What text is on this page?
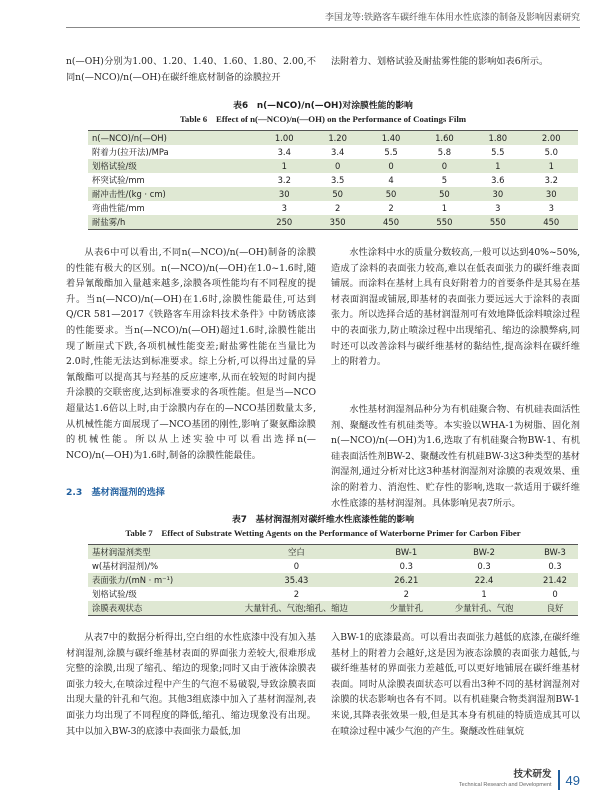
李国龙等:铁路客车碳纤维车体用水性底漆的制备及影响因素研究

n(—OH)分别为1.00、1.20、1.40、1.60、1.80、2.00,不同n(—NCO)/n(—OH)在碳纤维底材制备的涂膜拉开

法附着力、划格试验及耐盐雾性能的影响如表6所示。

表6　n(—NCO)/n(—OH)对涂膜性能的影响
Table 6　Effect of n(—NCO)/n(—OH) on the Performance of Coatings Film
n(—NCO)/n(—OH)	1.00	1.20	1.40	1.60	1.80	2.00
附着力(拉开法)/MPa	3.4	3.4	5.5	5.8	5.5	5.0
划格试验/级	1	0	0	0	1	1
杯突试验/mm	3.2	3.5	4	5	3.6	3.2
耐冲击性/(kg · cm)	30	50	50	50	30	30
弯曲性能/mm	3	2	2	1	3	3
耐盐雾/h	250	350	450	550	550	450

从表6中可以看出,不同n(—NCO)/n(—OH)制备的涂膜的性能有极大的区别。n(—NCO)/n(—OH)在1.0~1.6时,随着异氰酸酯加入量越来越多,涂膜各项性能均有不同程度的提升。当n(—NCO)/n(—OH)在1.6时,涂膜性能最佳,可达到Q/CR 581—2017《铁路客车用涂料技术条件》中防锈底漆的性能要求。当n(—NCO)/n(—OH)超过1.6时,涂膜性能出现了断崖式下跌,各项机械性能变差;耐盐雾性能在当量比为2.0时,性能无法达到标准要求。综上分析,可以得出过量的异氰酸酯可以提高其与羟基的反应速率,从而在较短的时间内提升涂膜的交联密度,达到标准要求的各项性能。但是当—NCO超量达1.6倍以上时,由于涂膜内存在的—NCO基团数量太多,从机械性能方面展现了—NCO基团的刚性,影响了聚氨酯涂膜的机械性能。所以从上述实验中可以看出选择n(—NCO)/n(—OH)为1.6时,制备的涂膜性能最佳。

水性涂料中水的质量分数较高,一般可以达到40%~50%,造成了涂料的表面张力较高,难以在低表面张力的碳纤维表面铺展。而涂料在基材上具有良好附着力的首要条件是其易在基材表面润湿或铺展,即基材的表面张力要远远大于涂料的表面张力。所以选择合适的基材润湿剂可有效地降低涂料喷涂过程中的表面张力,防止喷涂过程中出现缩孔、缩边的涂膜弊病,同时还可以改善涂料与碳纤维基材的黏结性,提高涂料在碳纤维上的附着力。

水性基材润湿剂品种分为有机硅聚合物、有机硅表面活性剂、聚醚改性有机硅类等。本实验以WHA-1为树脂、固化剂n(—NCO)/n(—OH)为1.6,选取了有机硅聚合物BW-1、有机硅表面活性剂BW-2、聚醚改性有机硅BW-3这3种类型的基材润湿剂,通过分析对比这3种基材润湿剂对涂膜的表观效果、重涂的附着力、消泡性、贮存性的影响,选取一款适用于碳纤维水性底漆的基材润湿剂。具体影响见表7所示。

2.3　基材润湿剂的选择
表7　基材润湿剂对碳纤维水性底漆性能的影响
Table 7　Effect of Substrate Wetting Agents on the Performance of Waterborne Primer for Carbon Fiber
基材润湿剂类型	空白	BW-1	BW-2	BW-3
w(基材润湿剂)/%	0	0.3	0.3	0.3
表面张力/(mN · m⁻¹)	35.43	26.21	22.4	21.42
划格试验/级	2	2	1	0
涂膜表观状态	大量针孔、气泡;缩孔、缩边	少量针孔	少量针孔、气泡	良好

从表7中的数据分析得出,空白组的水性底漆中没有加入基材润湿剂,涂膜与碳纤维基材表面的界面张力差较大,很难形成完整的涂膜,出现了缩孔、缩边的现象;同时又由于液体涂膜表面张力较大,在喷涂过程中产生的气泡不易破裂,导致涂膜表面出现大量的针孔和气泡。其他3组底漆中加入了基材润湿剂,表面张力均出现了不同程度的降低,缩孔、缩边现象没有出现。其中以加入BW-3的底漆中表面张力最低,加

入BW-1的底漆最高。可以看出表面张力越低的底漆,在碳纤维基材上的附着力会越好,这是因为液态涂膜的表面张力越低,与碳纤维基材的界面张力差越低,可以更好地铺展在碳纤维基材表面。同时从涂膜表面状态可以看出3种不同的基材润湿剂对涂膜的状态影响也各有不同。以有机硅聚合物类润湿剂BW-1来说,其降表张效果一般,但是其本身有机硅的特质造成其可以在喷涂过程中减少气泡的产生。聚醚改性硅氧烷

技术研发
Technical Research and Development 49
